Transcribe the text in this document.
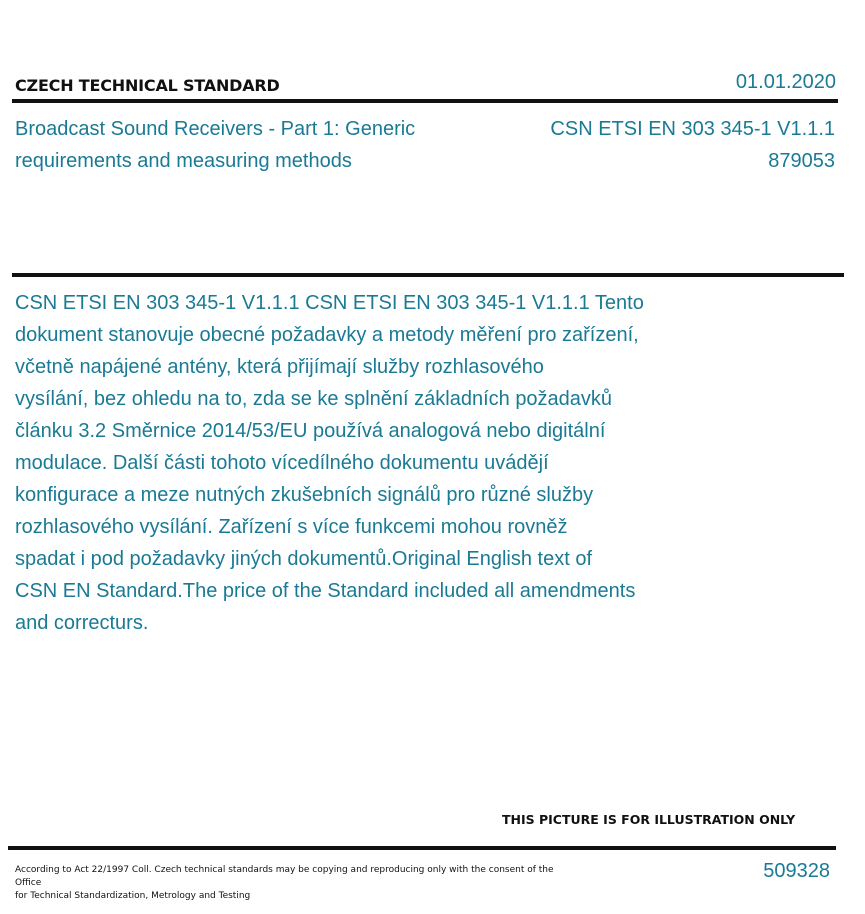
CZECH TECHNICAL STANDARD	01.01.2020
Broadcast Sound Receivers - Part 1: Generic requirements and measuring methods
CSN ETSI EN 303 345-1 V1.1.1
879053
CSN ETSI EN 303 345-1 V1.1.1 CSN ETSI EN 303 345-1 V1.1.1 Tento
dokument stanovuje obecné požadavky a metody měření pro zařízení,
včetně napájené antény, která přijímají služby rozhlasového
vysílání, bez ohledu na to, zda se ke splnění základních požadavků
článku 3.2 Směrnice 2014/53/EU používá analogová nebo digitální
modulace. Další části tohoto vícedílného dokumentu uvádějí
konfigurace a meze nutných zkušebních signálů pro různé služby
rozhlasového vysílání. Zařízení s více funkcemi mohou rovněž
spadat i pod požadavky jiných dokumentů.Original English text of
CSN EN Standard.The price of the Standard included all amendments
and correcturs.
THIS PICTURE IS FOR ILLUSTRATION ONLY
According to Act 22/1997 Coll. Czech technical standards may be copying and reproducing only with the consent of the Office
for Technical Standardization, Metrology and Testing
509328
